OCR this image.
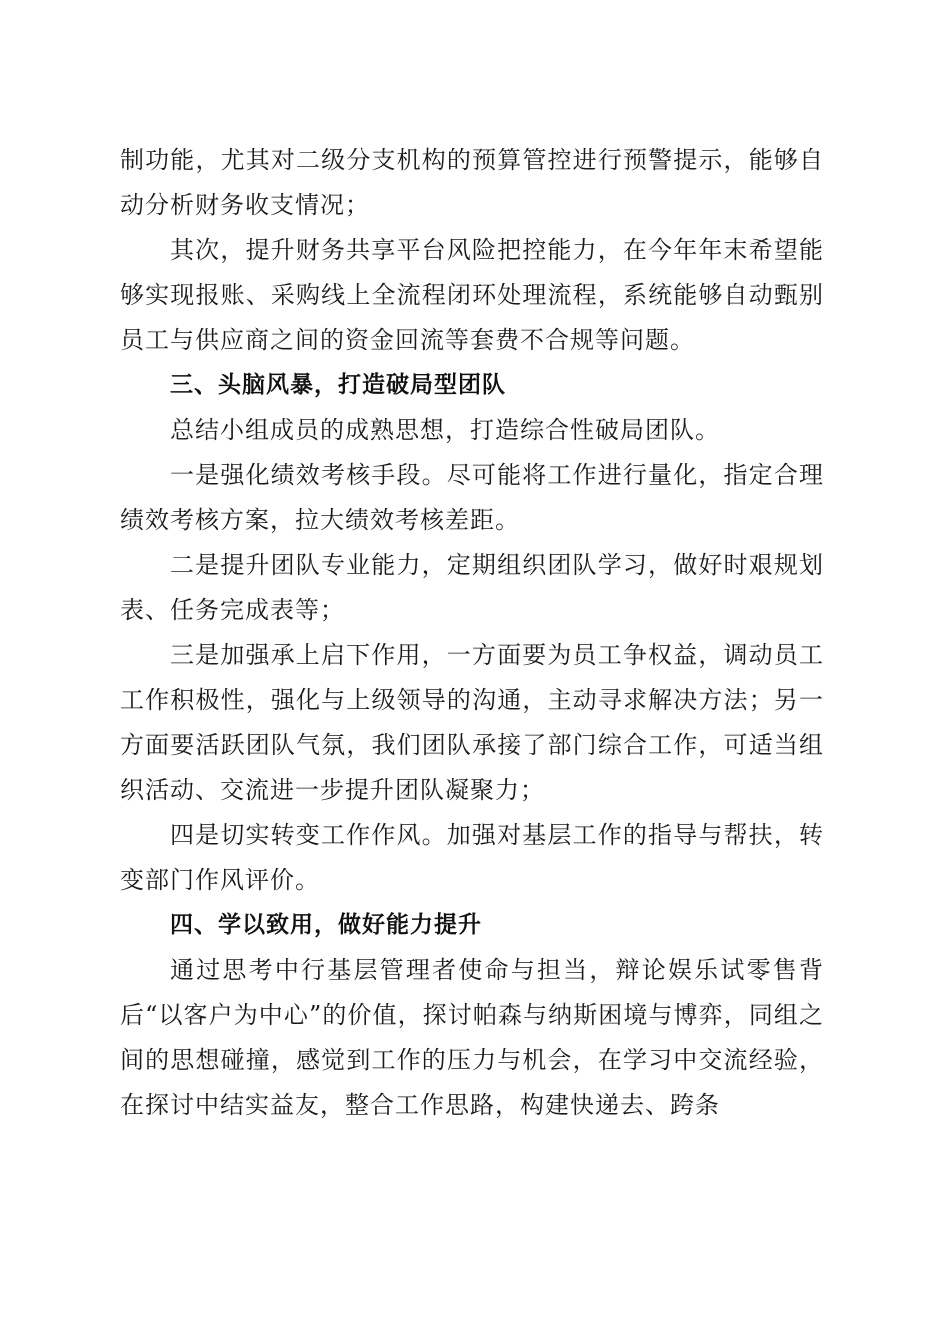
制功能，尤其对二级分支机构的预算管控进行预警提示，能够自动分析财务收支情况；

其次，提升财务共享平台风险把控能力，在今年年末希望能够实现报账、采购线上全流程闭环处理流程，系统能够自动甄别员工与供应商之间的资金回流等套费不合规等问题。

三、头脑风暴，打造破局型团队

总结小组成员的成熟思想，打造综合性破局团队。

一是强化绩效考核手段。尽可能将工作进行量化，指定合理绩效考核方案，拉大绩效考核差距。

二是提升团队专业能力，定期组织团队学习，做好时艰规划表、任务完成表等；

三是加强承上启下作用，一方面要为员工争权益，调动员工工作积极性，强化与上级领导的沟通，主动寻求解决方法；另一方面要活跃团队气氛，我们团队承接了部门综合工作，可适当组织活动、交流进一步提升团队凝聚力；

四是切实转变工作作风。加强对基层工作的指导与帮扶，转变部门作风评价。

四、学以致用，做好能力提升

通过思考中行基层管理者使命与担当，辩论娱乐试零售背后“以客户为中心”的价值，探讨帕森与纳斯困境与博弈，同组之间的思想碰撞，感觉到工作的压力与机会，在学习中交流经验，在探讨中结实益友，整合工作思路，构建快递去、跨条
